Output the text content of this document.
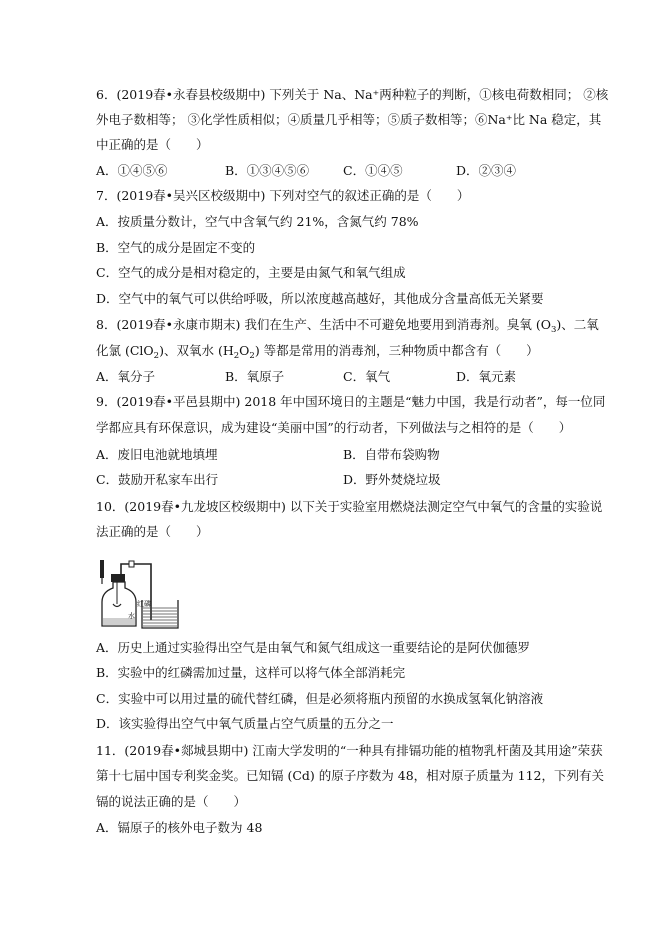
6．(2019春•永春县校级期中) 下列关于 Na、Na⁺两种粒子的判断，①核电荷数相同； ②核
外电子数相等； ③化学性质相似；④质量几乎相等；⑤质子数相等；⑥Na⁺比 Na 稳定，其
中正确的是（　　）
A．①④⑤⑥	B．①③④⑤⑥	C．①④⑤	D．②③④
7．(2019春•吴兴区校级期中) 下列对空气的叙述正确的是（　　）
A．按质量分数计，空气中含氧气约 21%，含氮气约 78%
B．空气的成分是固定不变的
C．空气的成分是相对稳定的，主要是由氮气和氧气组成
D．空气中的氧气可以供给呼吸，所以浓度越高越好，其他成分含量高低无关紧要
8．(2019春•永康市期末) 我们在生产、生活中不可避免地要用到消毒剂。臭氧 $(O_3)$、二氧
化氯 (ClO$_2$)、双氧水 $(H_2O_2)$ 等都是常用的消毒剂，三种物质中都含有（　　）
A．氧分子	B．氧原子	C．氧气	D．氧元素
9．(2019春•平邑县期中) 2018 年中国环境日的主题是“魅力中国，我是行动者”，每一位同
学都应具有环保意识，成为建设“美丽中国”的行动者，下列做法与之相符的是（　　）
A．废旧电池就地填埋	B．自带布袋购物
C．鼓励开私家车出行	D．野外焚烧垃圾
10．(2019春•九龙坡区校级期中) 以下关于实验室用燃烧法测定空气中氧气的含量的实验说
法正确的是（　　）
红磷
水
A．历史上通过实验得出空气是由氧气和氮气组成这一重要结论的是阿伏伽德罗
B．实验中的红磷需加过量，这样可以将气体全部消耗完
C．实验中可以用过量的硫代替红磷，但是必须将瓶内预留的水换成氢氧化钠溶液
D．该实验得出空气中氧气质量占空气质量的五分之一
11．(2019春•郯城县期中) 江南大学发明的“一种具有排镉功能的植物乳杆菌及其用途”荣获
第十七届中国专利奖金奖。已知镉 (Cd) 的原子序数为 48，相对原子质量为 112，下列有关
镉的说法正确的是（　　）
A．镉原子的核外电子数为 48
